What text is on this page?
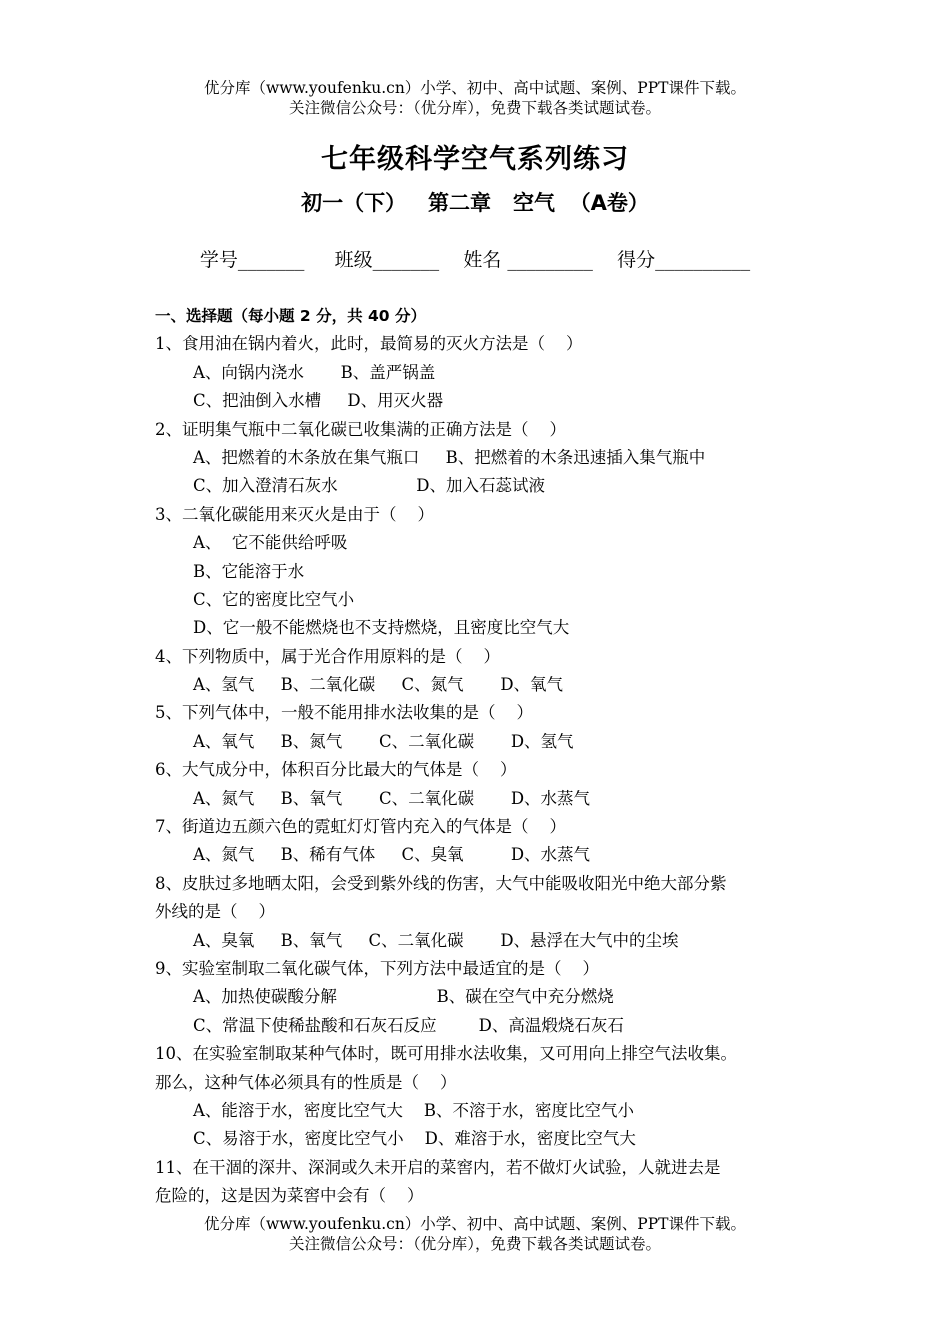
优分库（www.youfenku.cn）小学、初中、高中试题、案例、PPT课件下载。
关注微信公众号：（优分库），免费下载各类试题试卷。
七年级科学空气系列练习
初一（下）   第二章   空气  （A卷）
学号_______ 班级_______ 姓名 _________ 得分__________
一、选择题（每小题 2 分，共 40 分）
1、食用油在锅内着火，此时，最简易的灭火方法是（    ）
A、向锅内浇水       B、盖严锅盖
C、把油倒入水槽     D、用灭火器
2、证明集气瓶中二氧化碳已收集满的正确方法是（    ）
A、把燃着的木条放在集气瓶口     B、把燃着的木条迅速插入集气瓶中
C、加入澄清石灰水               D、加入石蕊试液
3、二氧化碳能用来灭火是由于（    ）
A、  它不能供给呼吸
B、它能溶于水
C、它的密度比空气小
D、它一般不能燃烧也不支持燃烧，且密度比空气大
4、下列物质中，属于光合作用原料的是（    ）
A、氢气     B、二氧化碳     C、氮气       D、氧气
5、下列气体中，一般不能用排水法收集的是（    ）
A、氧气     B、氮气       C、二氧化碳       D、氢气
6、大气成分中，体积百分比最大的气体是（    ）
A、氮气     B、氧气       C、二氧化碳       D、水蒸气
7、街道边五颜六色的霓虹灯灯管内充入的气体是（    ）
A、氮气     B、稀有气体     C、臭氧         D、水蒸气
8、皮肤过多地晒太阳，会受到紫外线的伤害，大气中能吸收阳光中绝大部分紫
外线的是（    ）
A、臭氧     B、氧气     C、二氧化碳       D、悬浮在大气中的尘埃
9、实验室制取二氧化碳气体，下列方法中最适宜的是（    ）
A、加热使碳酸分解                   B、碳在空气中充分燃烧
C、常温下使稀盐酸和石灰石反应        D、高温煅烧石灰石
10、在实验室制取某种气体时，既可用排水法收集，又可用向上排空气法收集。
那么，这种气体必须具有的性质是（    ）
A、能溶于水，密度比空气大    B、不溶于水，密度比空气小
C、易溶于水，密度比空气小    D、难溶于水，密度比空气大
11、在干涸的深井、深洞或久未开启的菜窖内，若不做灯火试验，人就进去是
危险的，这是因为菜窖中会有（    ）
优分库（www.youfenku.cn）小学、初中、高中试题、案例、PPT课件下载。
关注微信公众号：（优分库），免费下载各类试题试卷。
